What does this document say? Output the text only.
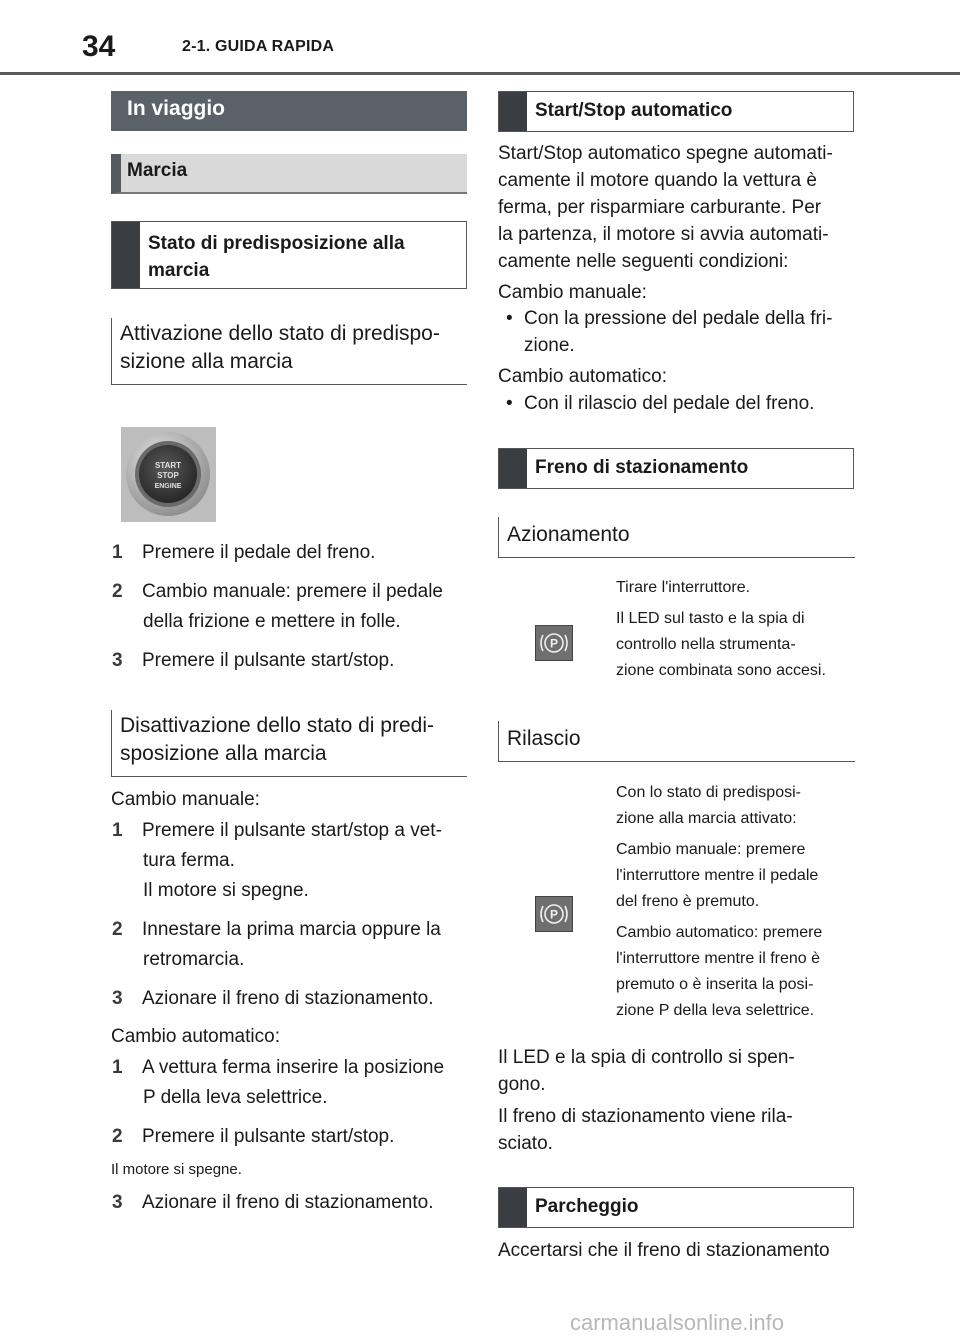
34	2-1. GUIDA RAPIDA
In viaggio
Marcia
Stato di predisposizione alla marcia
Attivazione dello stato di predispo-
sizione alla marcia
START
STOP
ENGINE
1 Premere il pedale del freno.
2 Cambio manuale: premere il pedale
della frizione e mettere in folle.
3 Premere il pulsante start/stop.
Disattivazione dello stato di predi-
sposizione alla marcia
Cambio manuale:
1 Premere il pulsante start/stop a vet-
tura ferma.
Il motore si spegne.
2 Innestare la prima marcia oppure la
retromarcia.
3 Azionare il freno di stazionamento.
Cambio automatico:
1 A vettura ferma inserire la posizione
P della leva selettrice.
2 Premere il pulsante start/stop.
Il motore si spegne.
3 Azionare il freno di stazionamento.
Start/Stop automatico
Start/Stop automatico spegne automati-
camente il motore quando la vettura è
ferma, per risparmiare carburante. Per
la partenza, il motore si avvia automati-
camente nelle seguenti condizioni:
Cambio manuale:
• Con la pressione del pedale della fri-
zione.
Cambio automatico:
• Con il rilascio del pedale del freno.
Freno di stazionamento
Azionamento
P
Tirare l'interruttore.
Il LED sul tasto e la spia di
controllo nella strumenta-
zione combinata sono accesi.
Rilascio
P
Con lo stato di predisposi-
zione alla marcia attivato:
Cambio manuale: premere
l'interruttore mentre il pedale
del freno è premuto.
Cambio automatico: premere
l'interruttore mentre il freno è
premuto o è inserita la posi-
zione P della leva selettrice.
Il LED e la spia di controllo si spen-
gono.
Il freno di stazionamento viene rila-
sciato.
Parcheggio
Accertarsi che il freno di stazionamento
carmanualsonline.info
